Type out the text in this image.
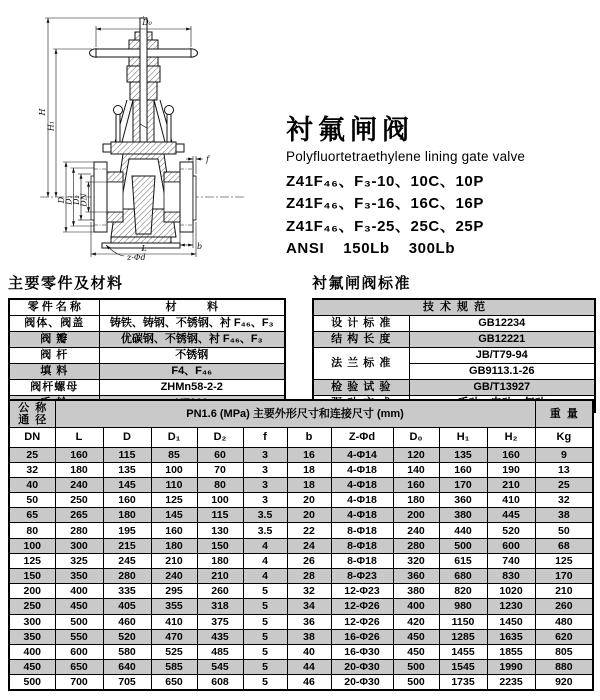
D₀
H
H₁
D
D₁
D₂
DN
L
f
b
z-Φd
衬氟闸阀
Polyfluortetraethylene lining gate valve
Z41F₄₆、F₃-10、10C、10P
Z41F₄₆、F₃-16、16C、16P
Z41F₄₆、F₃-25、25C、25P
ANSI    150Lb    300Lb
主要零件及材料
零 件 名 称	材          料
阀体、阀盖	铸铁、铸钢、不锈钢、衬 F₄₆、F₃
阀 瓣	优碳钢、不锈钢、衬 F₄₆、F₃
阀 杆	不锈钢
填 料	F4、F₄₆
阀杆螺母	ZHMn58-2-2

衬氟闸阀标准
技  术  规  范	
设 计 标 准	GB12234
结 构 长 度	GB12221
法 兰 标 准	JB/T79-94
	GB9113.1-26
检 验 试 验	GB/T13927

公  称
通  径	PN1.6 (MPa) 主要外形尺寸和连接尺寸 (mm)										重  量
DN	L	D	D₁	D₂	f	b	Z-Φd	D₀	H₁	H₂	Kg
25	160	115	85	60	3	16	4-Φ14	120	135	160	9
32	180	135	100	70	3	18	4-Φ18	140	160	190	13
40	240	145	110	80	3	18	4-Φ18	160	170	210	25
50	250	160	125	100	3	20	4-Φ18	180	360	410	32
65	265	180	145	115	3.5	20	4-Φ18	200	380	445	38
80	280	195	160	130	3.5	22	8-Φ18	240	440	520	50
100	300	215	180	150	4	24	8-Φ18	280	500	600	68
125	325	245	210	180	4	26	8-Φ18	320	615	740	125
150	350	280	240	210	4	28	8-Φ23	360	680	830	170
200	400	335	295	260	5	32	12-Φ23	380	820	1020	210
250	450	405	355	318	5	34	12-Φ26	400	980	1230	260
300	500	460	410	375	5	36	12-Φ26	420	1150	1450	480
350	550	520	470	435	5	38	16-Φ26	450	1285	1635	620
400	600	580	525	485	5	40	16-Φ30	450	1455	1855	805
450	650	640	585	545	5	44	20-Φ30	500	1545	1990	880
500	700	705	650	608	5	46	20-Φ30	500	1735	2235	920
